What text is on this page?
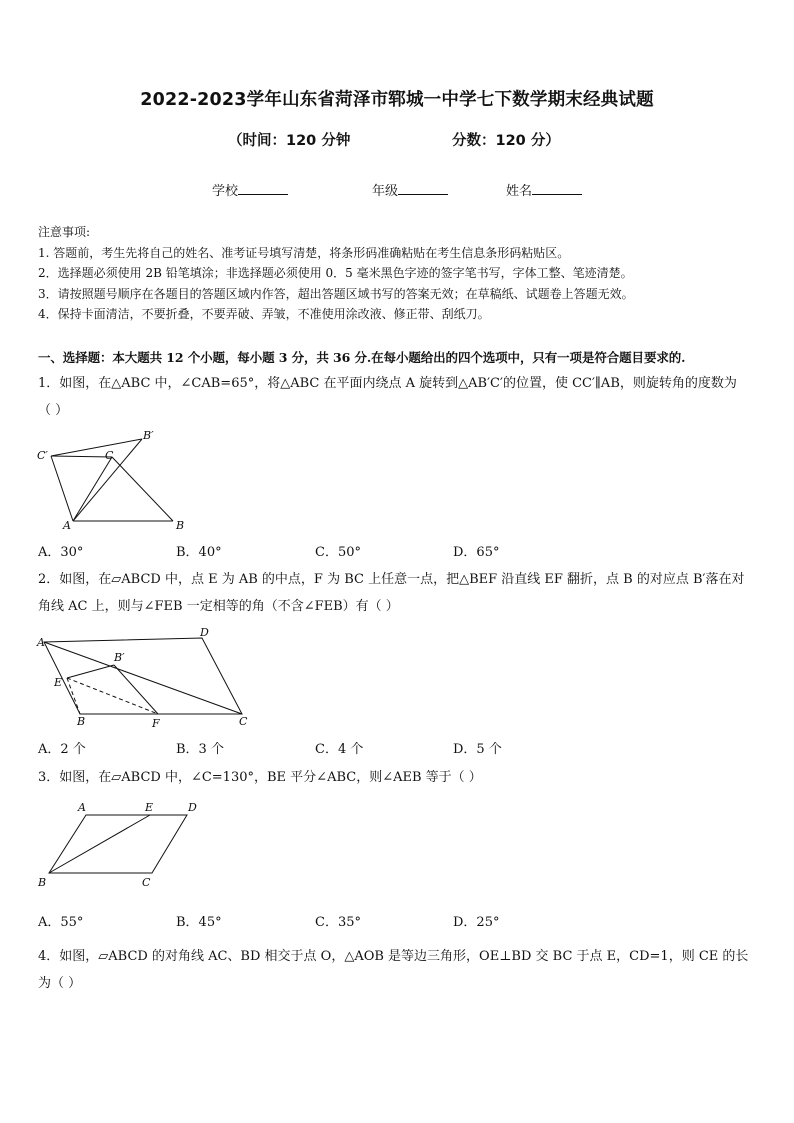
2022-2023学年山东省菏泽市郓城一中学七下数学期末经典试题
（时间：120 分钟	分数：120 分）
学校	年级	姓名
注意事项:
1. 答题前，考生先将自己的姓名、准考证号填写清楚，将条形码准确粘贴在考生信息条形码粘贴区。
2．选择题必须使用 2B 铅笔填涂；非选择题必须使用 0．5 毫米黑色字迹的签字笔书写，字体工整、笔迹清楚。
3．请按照题号顺序在各题目的答题区域内作答，超出答题区域书写的答案无效；在草稿纸、试题卷上答题无效。
4．保持卡面清洁，不要折叠，不要弄破、弄皱，不准使用涂改液、修正带、刮纸刀。
一、选择题：本大题共 12 个小题，每小题 3 分，共 36 分.在每小题给出的四个选项中，只有一项是符合题目要求的.
1．如图，在△ABC 中，∠CAB=65°，将△ABC 在平面内绕点 A 旋转到△AB′C′的位置，使 CC′∥AB，则旋转角的度数为
（ ）
C′
B′
C
A	B
A．30°	B．40°	C．50°	D．65°
2．如图，在▱ABCD 中，点 E 为 AB 的中点，F 为 BC 上任意一点，把△BEF 沿直线 EF 翻折，点 B 的对应点 B′落在对
角线 AC 上，则与∠FEB 一定相等的角（不含∠FEB）有（ ）
A
D
B′
E
B	F	C
A．2 个	B．3 个	C．4 个	D．5 个
3．如图，在▱ABCD 中，∠C=130°，BE 平分∠ABC，则∠AEB 等于（ ）
A	E	D
B	C
A．55°	B．45°	C．35°	D．25°
4．如图，▱ABCD 的对角线 AC、BD 相交于点 O，△AOB 是等边三角形，OE⊥BD 交 BC 于点 E，CD=1，则 CE 的长
为（ ）
